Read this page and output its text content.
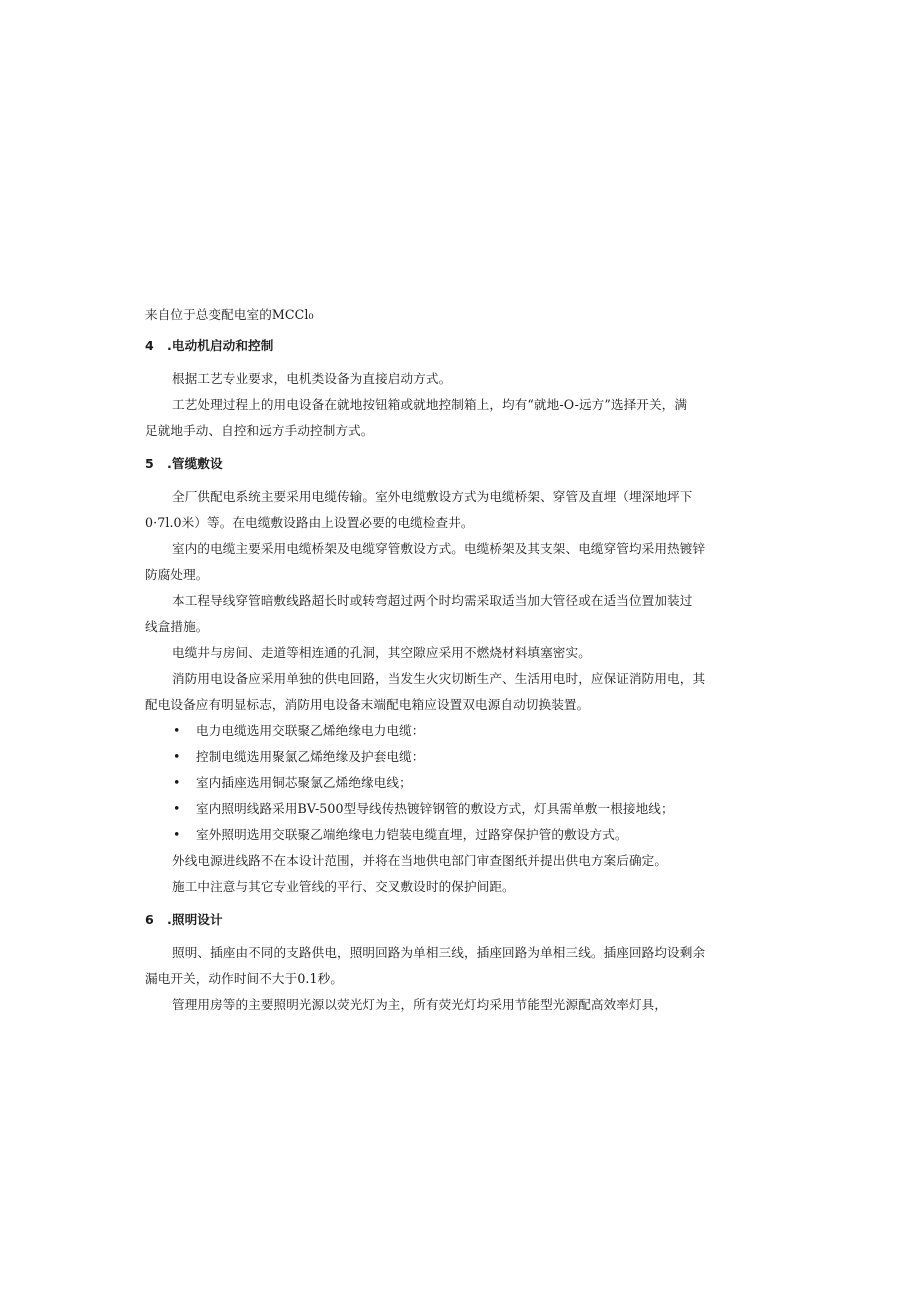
来自位于总变配电室的MCCl₀
4 .电动机启动和控制
根据工艺专业要求，电机类设备为直接启动方式。
工艺处理过程上的用电设备在就地按钮箱或就地控制箱上，均有“就地-O-远方”选择开关，满
足就地手动、自控和远方手动控制方式。
5 .管缆敷设
全厂供配电系统主要采用电缆传输。室外电缆敷设方式为电缆桥架、穿管及直埋（埋深地坪下
0·7l.0米）等。在电缆敷设路由上设置必要的电缆检查井。
室内的电缆主要采用电缆桥架及电缆穿管敷设方式。电缆桥架及其支架、电缆穿管均采用热镀锌
防腐处理。
本工程导线穿管暗敷线路超长时或转弯超过两个时均需采取适当加大管径或在适当位置加装过
线盒措施。
电缆井与房间、走道等相连通的孔洞，其空隙应采用不燃烧材料填塞密实。
消防用电设备应采用单独的供电回路，当发生火灾切断生产、生活用电时，应保证消防用电，其
配电设备应有明显标志，消防用电设备末端配电箱应设置双电源自动切换装置。
• 电力电缆选用交联聚乙烯绝缘电力电缆：
• 控制电缆选用聚氯乙烯绝缘及护套电缆：
• 室内插座选用铜芯聚氯乙烯绝缘电线；
• 室内照明线路采用BV-500型导线传热镀锌钢管的敷设方式，灯具需单敷一根接地线；
• 室外照明选用交联聚乙端绝缘电力铠装电缆直埋，过路穿保护管的敷设方式。
外线电源进线路不在本设计范围，并将在当地供电部门审查图纸并提出供电方案后确定。
施工中注意与其它专业管线的平行、交叉敷设时的保护间距。
6 .照明设计
照明、插座由不同的支路供电，照明回路为单相三线，插座回路为单相三线。插座回路均设剩余
漏电开关，动作时间不大于0.1秒。
管理用房等的主要照明光源以荧光灯为主，所有荧光灯均采用节能型光源配高效率灯具，
